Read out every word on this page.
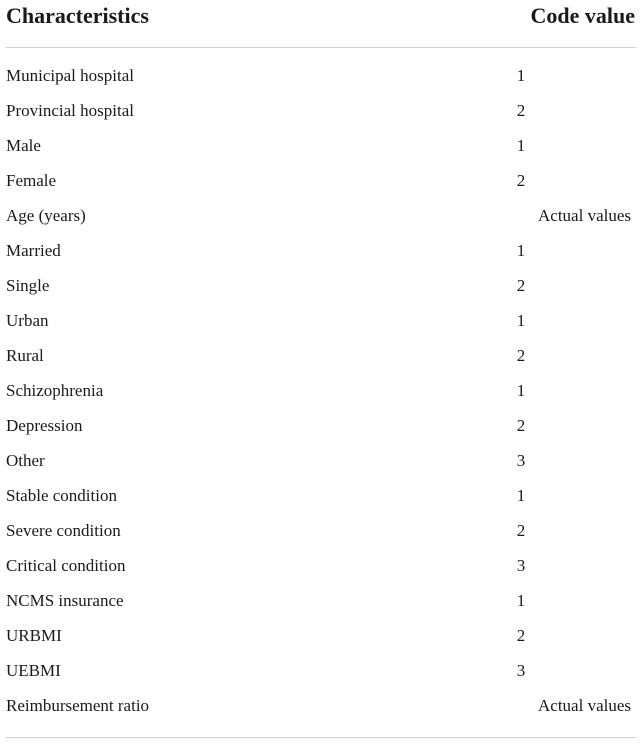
Characteristics	Code value
Municipal hospital	1
Provincial hospital	2
Male	1
Female	2
Age (years)	Actual values
Married	1
Single	2
Urban	1
Rural	2
Schizophrenia	1
Depression	2
Other	3
Stable condition	1
Severe condition	2
Critical condition	3
NCMS insurance	1
URBMI	2
UEBMI	3
Reimbursement ratio	Actual values
